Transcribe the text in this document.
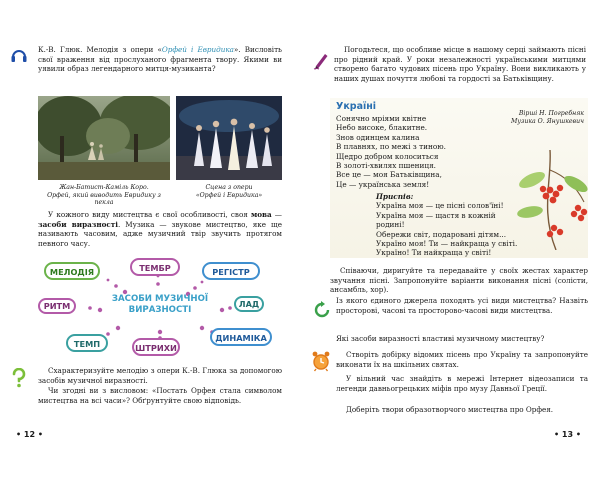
К.-В. Глюк. Мелодія з опери «Орфей і Евридика». Висловіть свої враження від прослуханого фрагмента твору. Якими ви уявили образ легендарного митця-музиканта?
Жан-Батист-Каміль Коро.
Орфей, який виводить Евридику з пекла
Сцена з опери
«Орфей і Евридика»
У кожного виду мистецтва є свої особливості, своя мова — засоби виразності. Музика — звукове мистецтво, яке ще називають часовим, адже музичний твір звучить протягом певного часу.
МЕЛОДІЯ	ТЕМБР	РЕГІСТР
РИТМ
ЗАСОБИ МУЗИЧНОЇ
ВИРАЗНОСТІ
ЛАД
ДИНАМІКА
ТЕМП	ШТРИХИ
Схарактеризуйте мелодію з опери К.-В. Глюка за допомогою засобів музичної виразності.
Чи згодні ви з висловом: «Постать Орфея стала символом мистецтва на всі часи»? Обґрунтуйте свою відповідь.
• 12 •
Погодьтеся, що особливе місце в нашому серці займають пісні про рідний край. У роки незалежності українськими митцями створено багато чудових пісень про Україну. Вони викликають у наших душах почуття любові та гордості за Батьківщину.
Україні
Вірші Н. Погребняк
Музика О. Янушкевич
Сонячно мріями квітне
Небо високе, блакитне.
Знов одинцем калина
В плавнях, по межі з тиною.
Щедро добром колоситься
В золоті-хвилях пшениця.
Все це — моя Батьківщина,
Це — українська земля!
Приспів:
Україна моя — це пісні солов'їні!
Україна моя — щастя в кожній родині!
Обережи світ, подаровані дітям...
Україно моя! Ти — найкраща у світі.
Україно! Ти найкраща у світі!
Співаючи, диригуйте та передавайте у своїх жестах характер звучання пісні. Запропонуйте варіанти виконання пісні (солісти, ансамбль, хор).
Із якого єдиного джерела походять усі види мистецтва? Назвіть просторові, часові та просторово-часові види мистецтва.
Які засоби виразності властиві музичному мистецтву?
Створіть добірку відомих пісень про Україну та запропонуйте виконати їх на шкільних святах.
У вільний час знайдіть в мережі Інтернет відеозаписи та легенди давньогрецьких міфів про музу Давньої Греції.
Доберіть твори образотворчого мистецтва про Орфея.
• 13 •
